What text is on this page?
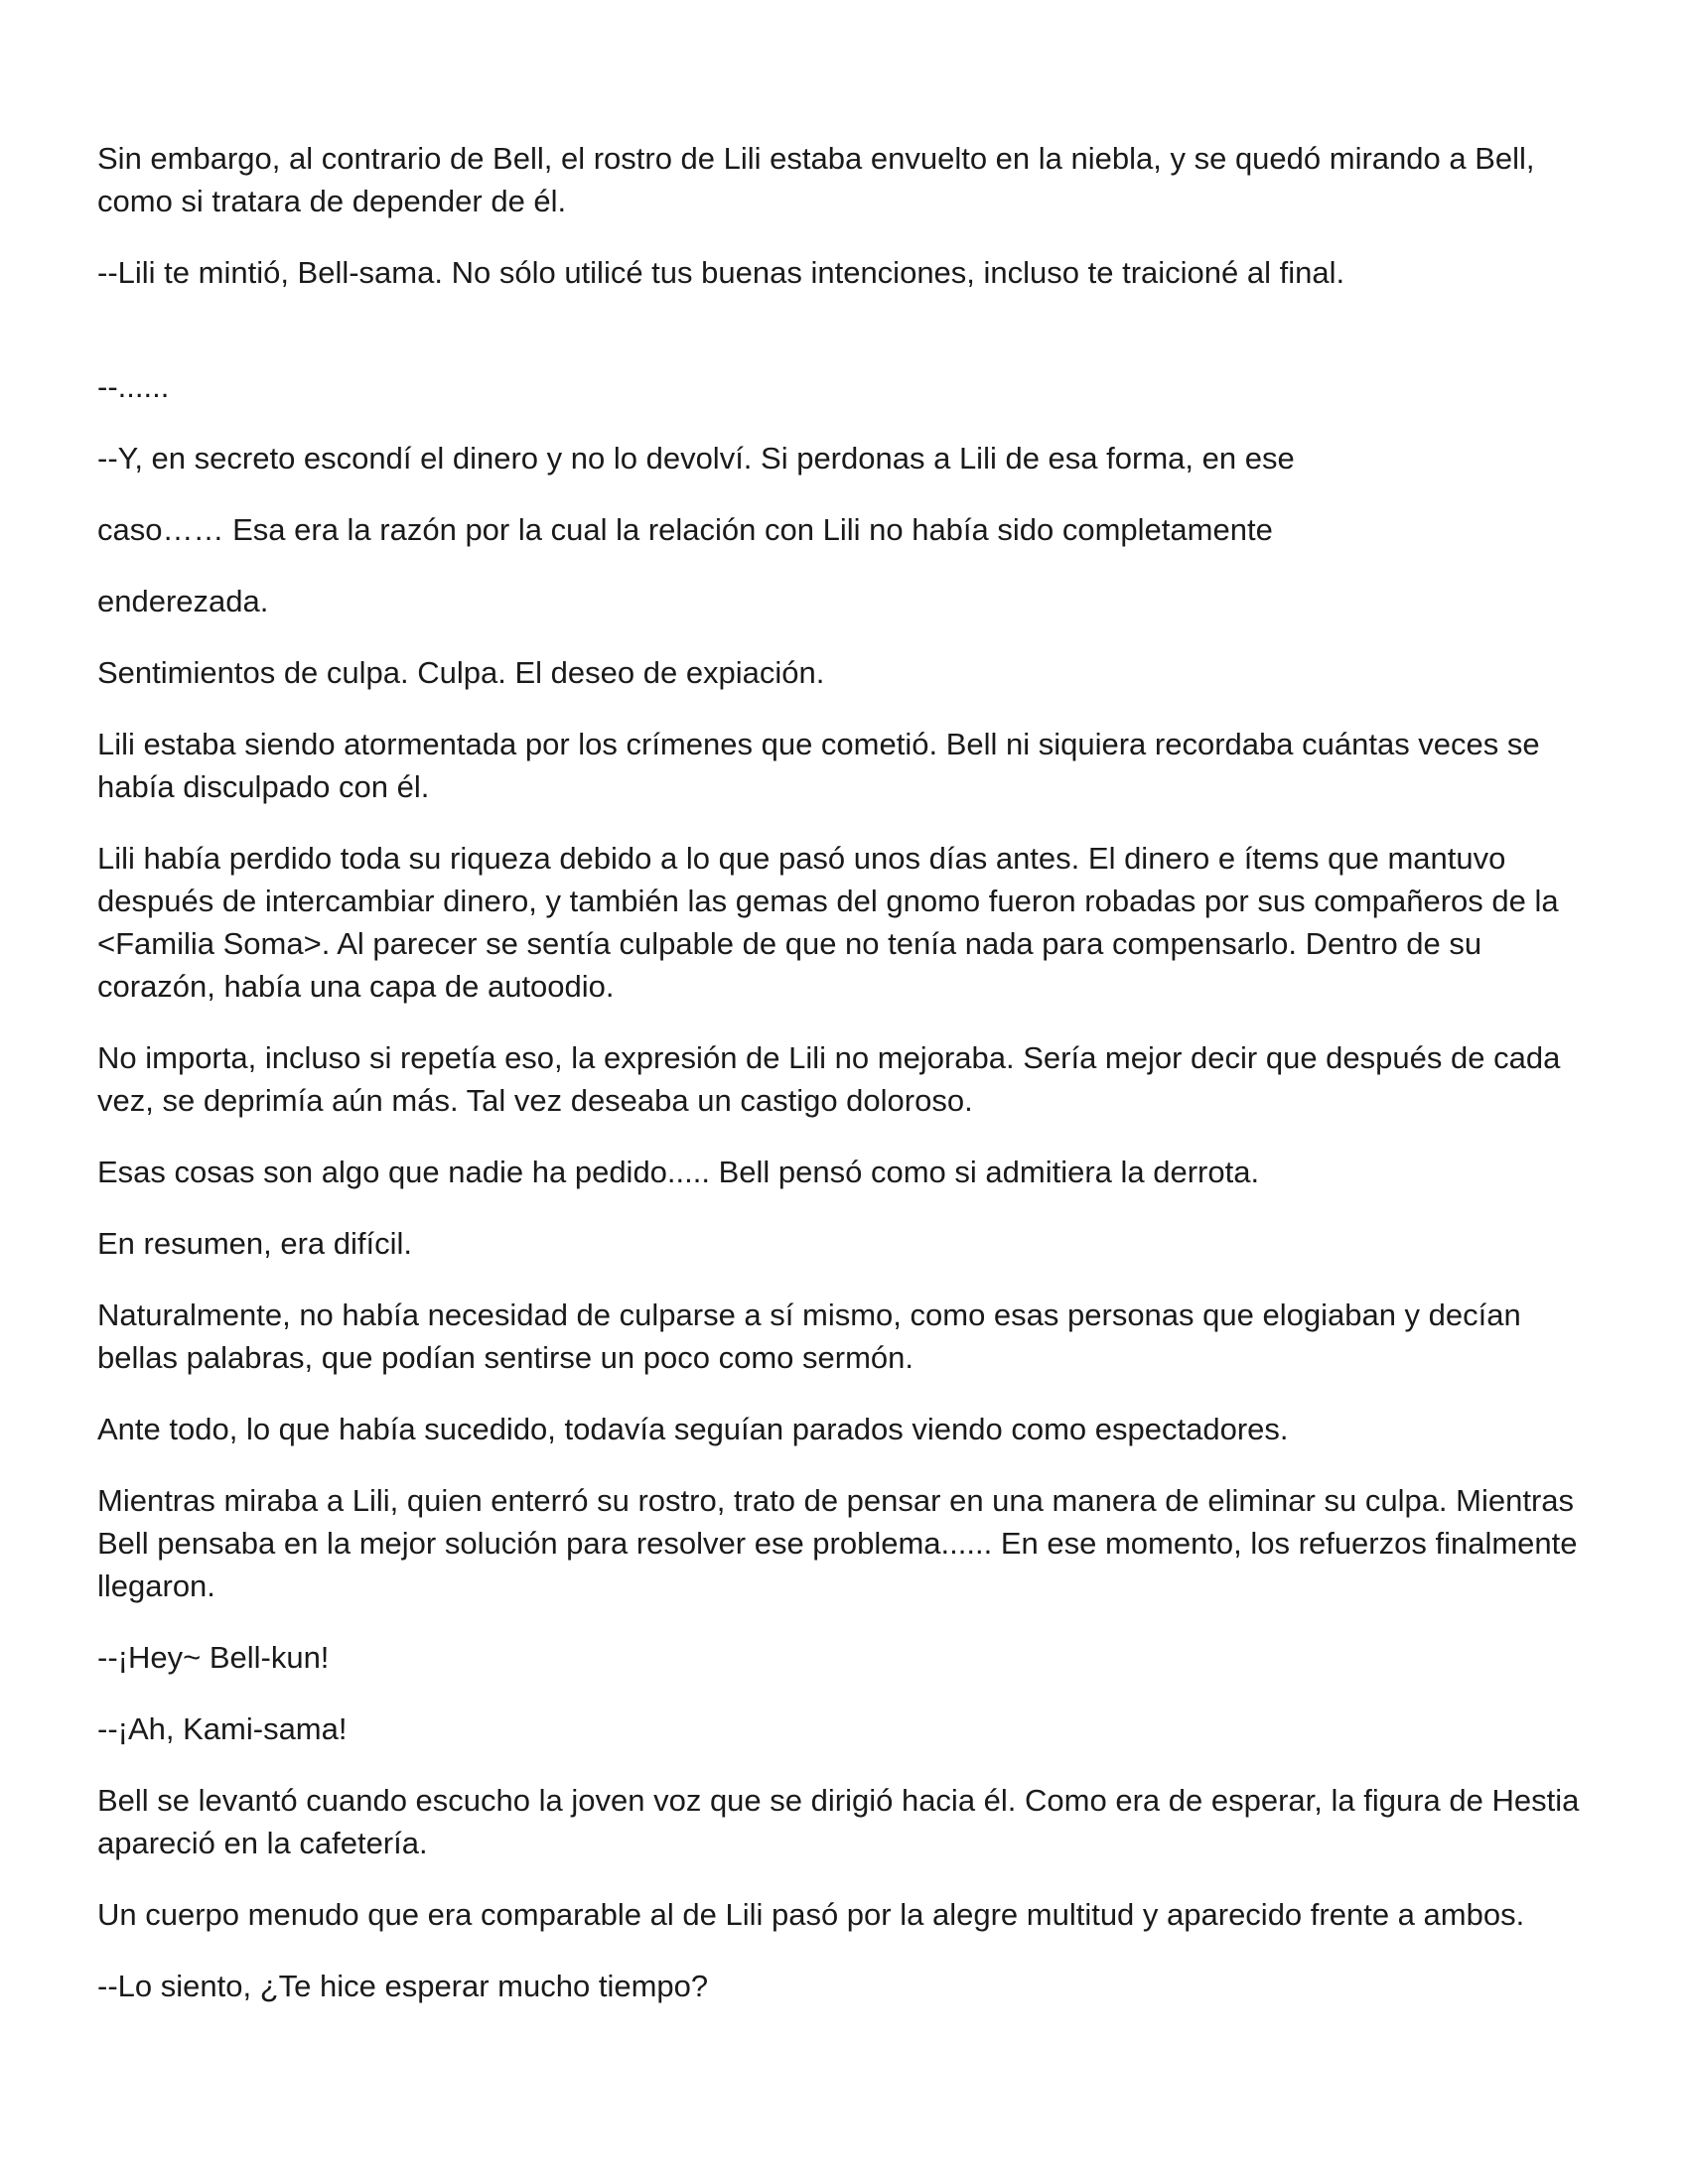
Sin embargo, al contrario de Bell, el rostro de Lili estaba envuelto en la niebla, y se quedó mirando a Bell, como si tratara de depender de él.

--Lili te mintió, Bell-sama. No sólo utilicé tus buenas intenciones, incluso te traicioné al final.

--......

--Y, en secreto escondí el dinero y no lo devolví. Si perdonas a Lili de esa forma, en ese

caso…… Esa era la razón por la cual la relación con Lili no había sido completamente

enderezada.

Sentimientos de culpa. Culpa. El deseo de expiación.

Lili estaba siendo atormentada por los crímenes que cometió. Bell ni siquiera recordaba cuántas veces se había disculpado con él.

Lili había perdido toda su riqueza debido a lo que pasó unos días antes. El dinero e ítems que mantuvo después de intercambiar dinero, y también las gemas del gnomo fueron robadas por sus compañeros de la <Familia Soma>. Al parecer se sentía culpable de que no tenía nada para compensarlo. Dentro de su corazón, había una capa de autoodio.

No importa, incluso si repetía eso, la expresión de Lili no mejoraba. Sería mejor decir que después de cada vez, se deprimía aún más. Tal vez deseaba un castigo doloroso.

Esas cosas son algo que nadie ha pedido..... Bell pensó como si admitiera la derrota.

En resumen, era difícil.

Naturalmente, no había necesidad de culparse a sí mismo, como esas personas que elogiaban y decían bellas palabras, que podían sentirse un poco como sermón.

Ante todo, lo que había sucedido, todavía seguían parados viendo como espectadores.

Mientras miraba a Lili, quien enterró su rostro, trato de pensar en una manera de eliminar su culpa. Mientras Bell pensaba en la mejor solución para resolver ese problema...... En ese momento, los refuerzos finalmente llegaron.

--¡Hey~ Bell-kun!

--¡Ah, Kami-sama!

Bell se levantó cuando escucho la joven voz que se dirigió hacia él. Como era de esperar, la figura de Hestia apareció en la cafetería.

Un cuerpo menudo que era comparable al de Lili pasó por la alegre multitud y aparecido frente a ambos.

--Lo siento, ¿Te hice esperar mucho tiempo?
